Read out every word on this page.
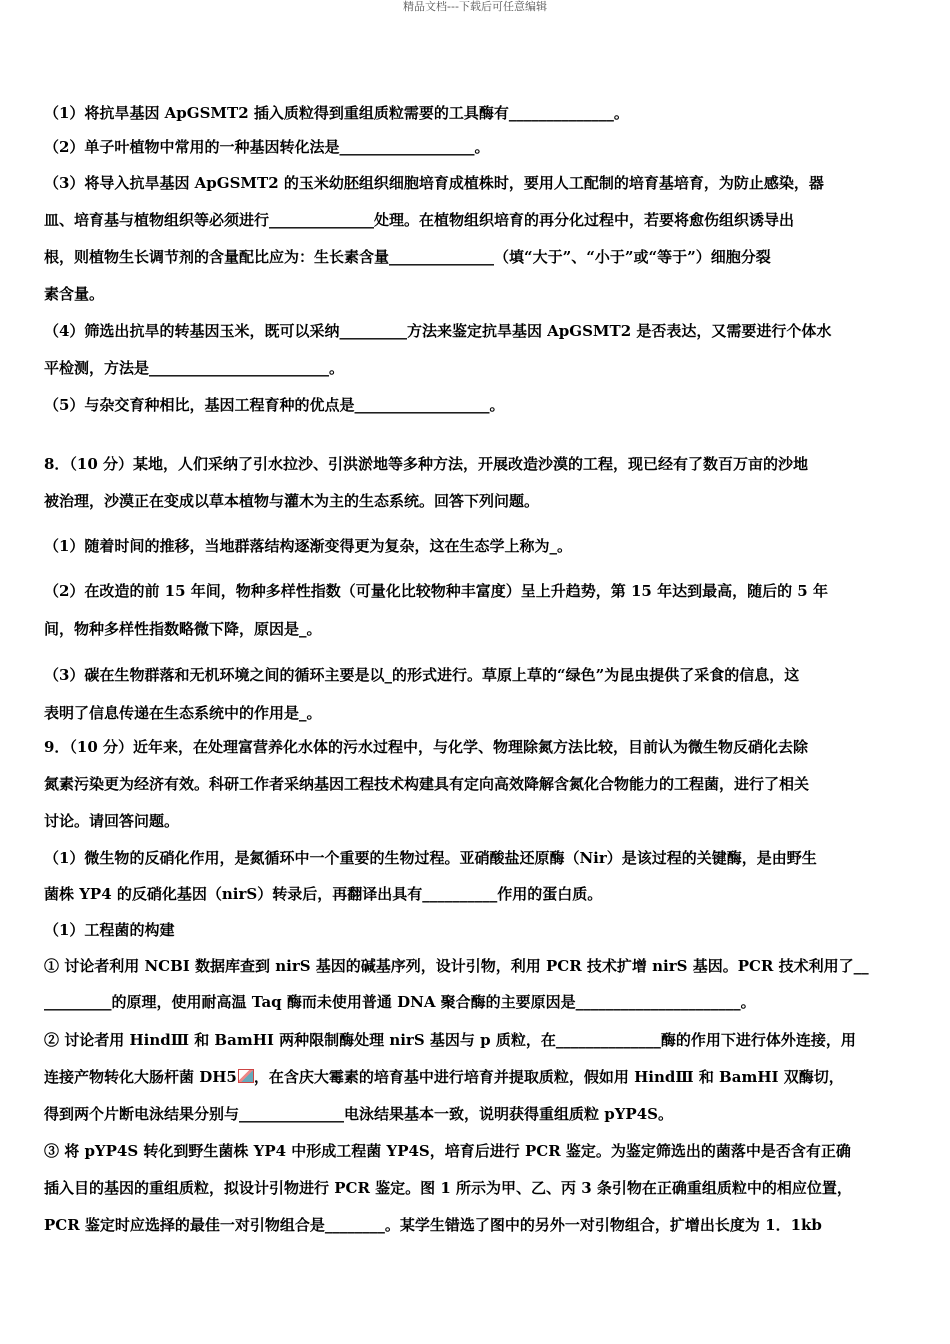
精品文档---下载后可任意编辑
（1）将抗旱基因 ApGSMT2 插入质粒得到重组质粒需要的工具酶有______________。
（2）单子叶植物中常用的一种基因转化法是__________________。
（3）将导入抗旱基因 ApGSMT2 的玉米幼胚组织细胞培育成植株时，要用人工配制的培育基培育，为防止感染，器
皿、培育基与植物组织等必须进行______________处理。在植物组织培育的再分化过程中，若要将愈伤组织诱导出
根，则植物生长调节剂的含量配比应为：生长素含量______________（填“大于”、“小于”或“等于”）细胞分裂
素含量。
（4）筛选出抗旱的转基因玉米，既可以采纳_________方法来鉴定抗旱基因 ApGSMT2 是否表达，又需要进行个体水
平检测，方法是________________________。
（5）与杂交育种相比，基因工程育种的优点是__________________。
8．（10 分）某地，人们采纳了引水拉沙、引洪淤地等多种方法，开展改造沙漠的工程，现已经有了数百万亩的沙地
被治理，沙漠正在变成以草本植物与灌木为主的生态系统。回答下列问题。
（1）随着时间的推移，当地群落结构逐渐变得更为复杂，这在生态学上称为_。
（2）在改造的前 15 年间，物种多样性指数（可量化比较物种丰富度）呈上升趋势，第 15 年达到最高，随后的 5 年
间，物种多样性指数略微下降，原因是_。
（3）碳在生物群落和无机环境之间的循环主要是以_的形式进行。草原上草的“绿色”为昆虫提供了采食的信息，这
表明了信息传递在生态系统中的作用是_。
9．（10 分）近年来，在处理富营养化水体的污水过程中，与化学、物理除氮方法比较，目前认为微生物反硝化去除
氮素污染更为经济有效。科研工作者采纳基因工程技术构建具有定向高效降解含氮化合物能力的工程菌，进行了相关
讨论。请回答问题。
（1）微生物的反硝化作用，是氮循环中一个重要的生物过程。亚硝酸盐还原酶（Nir）是该过程的关键酶，是由野生
菌株 YP4 的反硝化基因（nirS）转录后，再翻译出具有__________作用的蛋白质。
（1）工程菌的构建
① 讨论者利用 NCBI 数据库查到 nirS 基因的碱基序列，设计引物，利用 PCR 技术扩增 nirS 基因。PCR 技术利用了__
_________的原理，使用耐高温 Taq 酶而未使用普通 DNA 聚合酶的主要原因是______________________。
② 讨论者用 HindⅢ 和 BamHI 两种限制酶处理 nirS 基因与 p 质粒，在______________酶的作用下进行体外连接，用
连接产物转化大肠杆菌 DH5 ，在含庆大霉素的培育基中进行培育并提取质粒，假如用 HindⅢ 和 BamHI 双酶切，
得到两个片断电泳结果分别与______________电泳结果基本一致，说明获得重组质粒 pYP4S。
③ 将 pYP4S 转化到野生菌株 YP4 中形成工程菌 YP4S，培育后进行 PCR 鉴定。为鉴定筛选出的菌落中是否含有正确
插入目的基因的重组质粒，拟设计引物进行 PCR 鉴定。图 1 所示为甲、乙、丙 3 条引物在正确重组质粒中的相应位置，
PCR 鉴定时应选择的最佳一对引物组合是________。某学生错选了图中的另外一对引物组合，扩增出长度为 1．1kb
